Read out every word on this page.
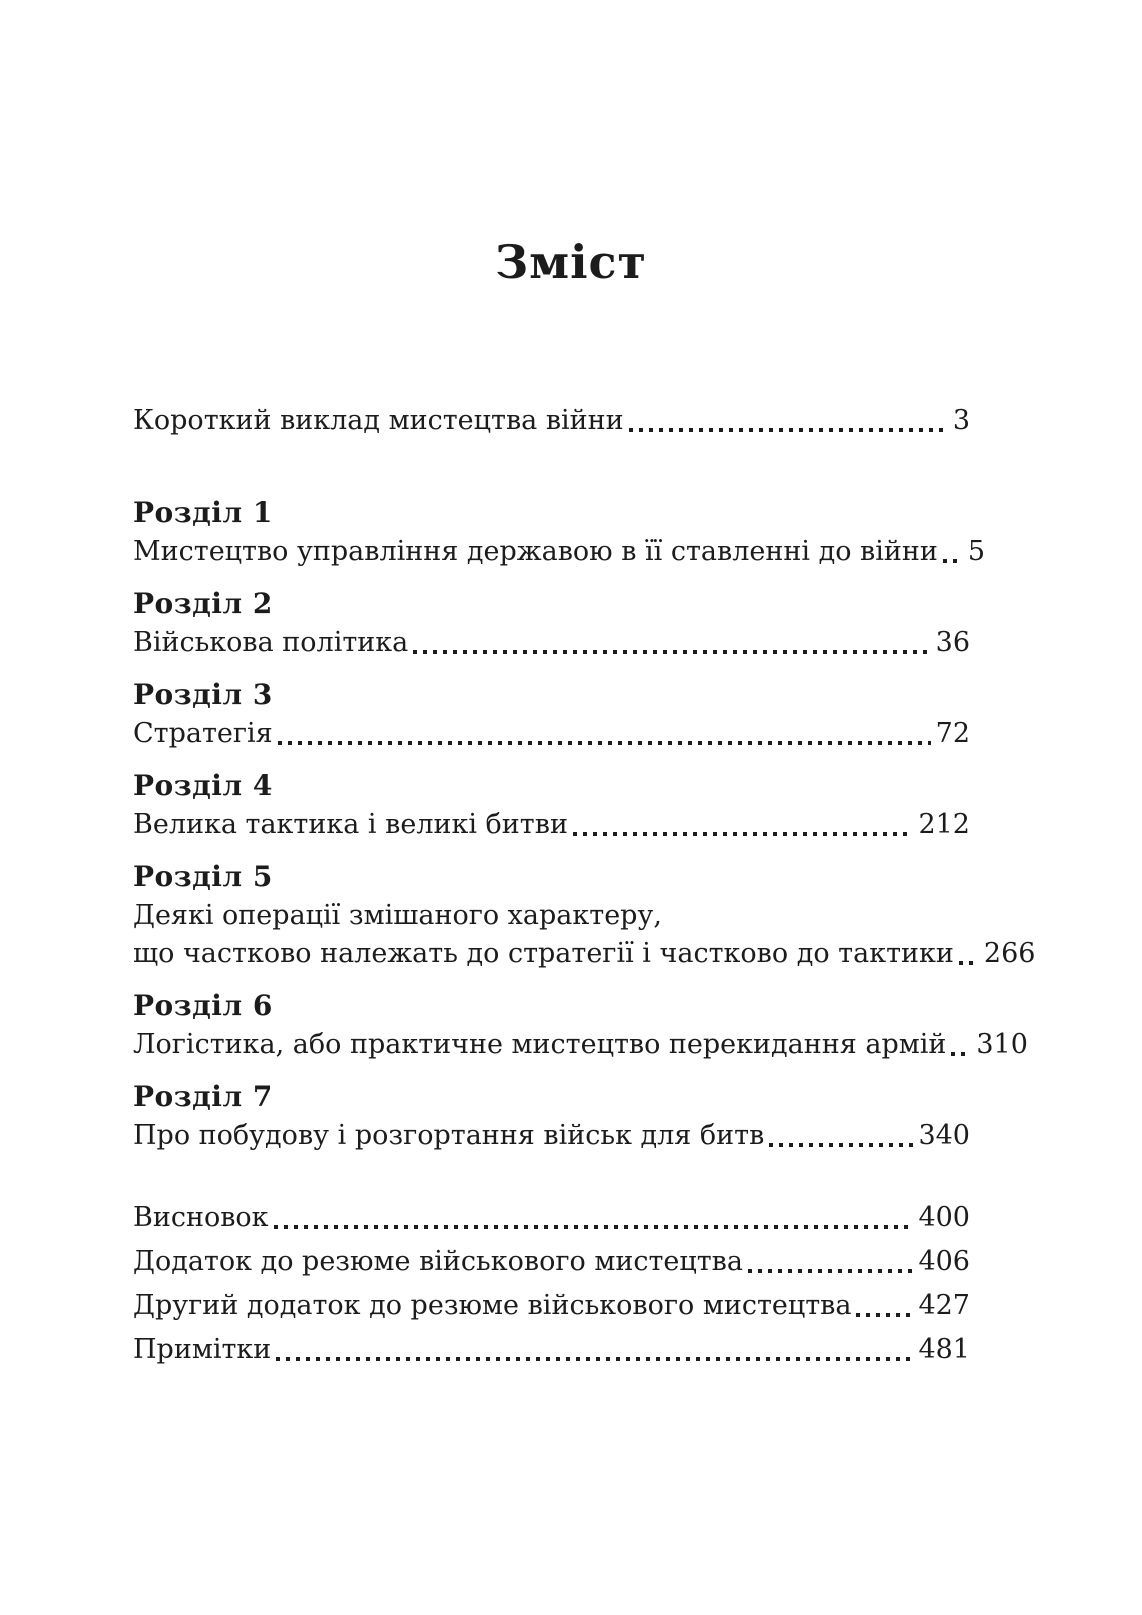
Зміст
Короткий виклад мистецтва війни	3
Розділ 1
Мистецтво управління державою в її ставленні до війни 5
Розділ 2
Військова політика	36
Розділ 3
Стратегія	72
Розділ 4
Велика тактика і великі битви	212
Розділ 5
Деякі операції змішаного характеру,
що частково належать до стратегії і частково до тактики 266
Розділ 6
Логістика, або практичне мистецтво перекидання армій 310
Розділ 7
Про побудову і розгортання військ для битв	340
Висновок	400
Додаток до резюме військового мистецтва	406
Другий додаток до резюме військового мистецтва 427
Примітки	481
